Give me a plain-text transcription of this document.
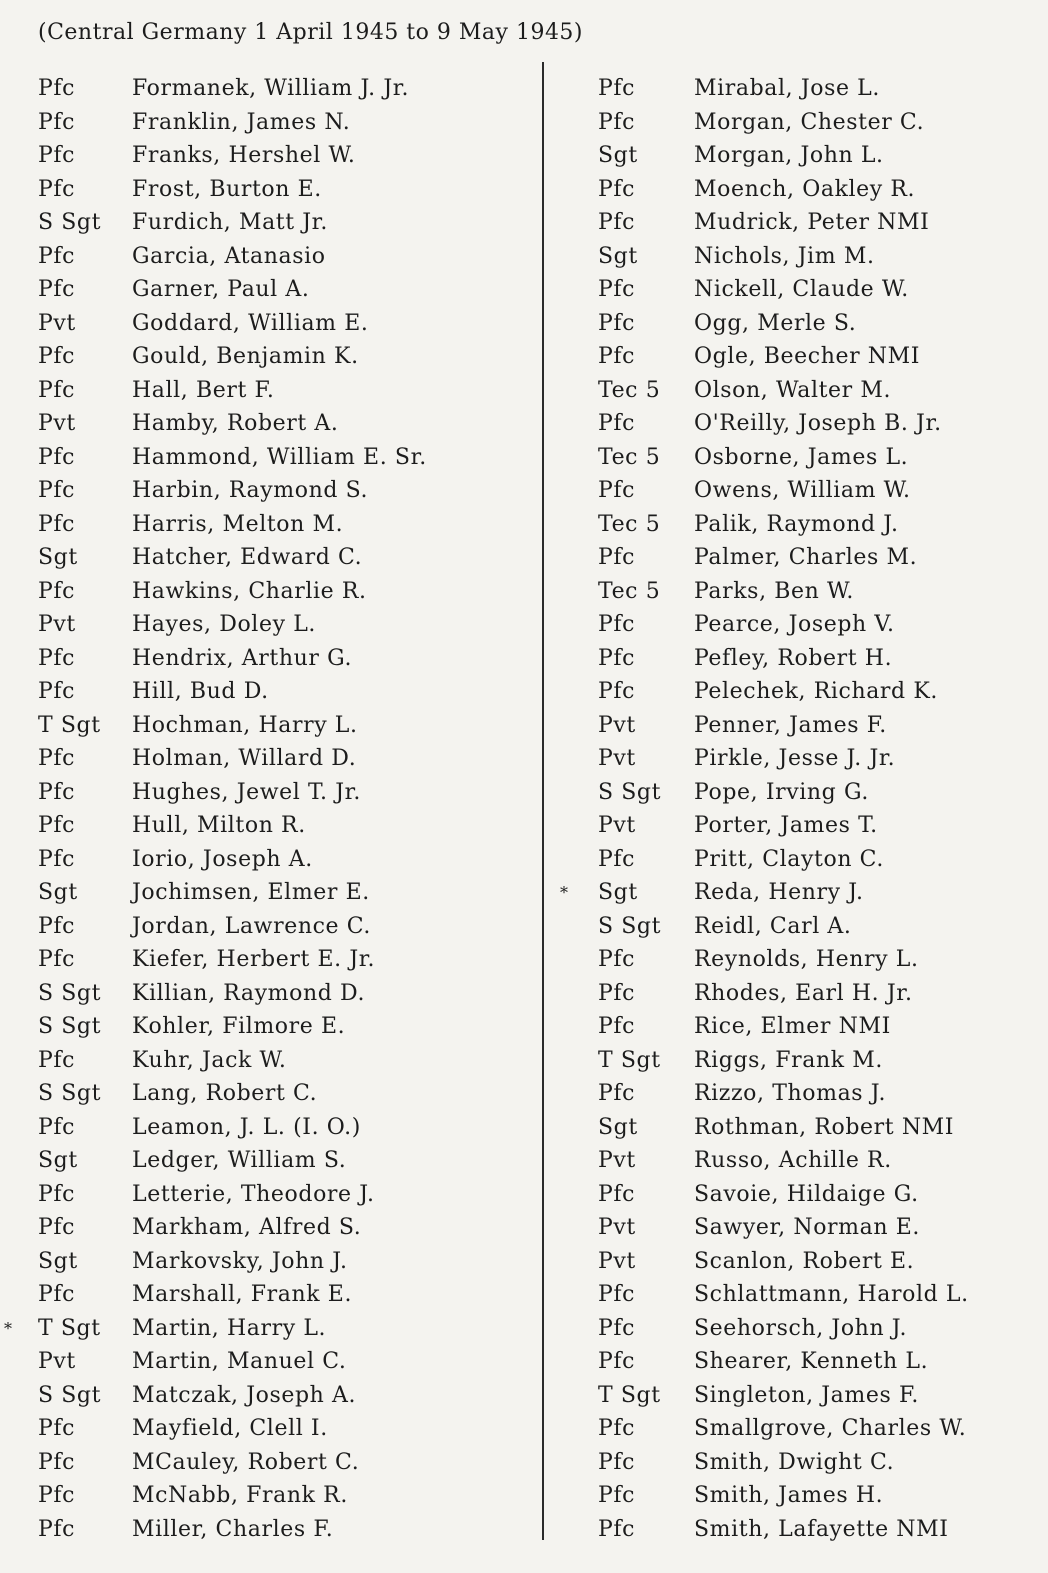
(Central Germany 1 April 1945 to 9 May 1945)
Pfc	Formanek, William J. Jr.
Pfc	Franklin, James N.
Pfc	Franks, Hershel W.
Pfc	Frost, Burton E.
S Sgt	Furdich, Matt Jr.
Pfc	Garcia, Atanasio
Pfc	Garner, Paul A.
Pvt	Goddard, William E.
Pfc	Gould, Benjamin K.
Pfc	Hall, Bert F.
Pvt	Hamby, Robert A.
Pfc	Hammond, William E. Sr.
Pfc	Harbin, Raymond S.
Pfc	Harris, Melton M.
Sgt	Hatcher, Edward C.
Pfc	Hawkins, Charlie R.
Pvt	Hayes, Doley L.
Pfc	Hendrix, Arthur G.
Pfc	Hill, Bud D.
T Sgt	Hochman, Harry L.
Pfc	Holman, Willard D.
Pfc	Hughes, Jewel T. Jr.
Pfc	Hull, Milton R.
Pfc	Iorio, Joseph A.
Sgt	Jochimsen, Elmer E.
Pfc	Jordan, Lawrence C.
Pfc	Kiefer, Herbert E. Jr.
S Sgt	Killian, Raymond D.
S Sgt	Kohler, Filmore E.
Pfc	Kuhr, Jack W.
S Sgt	Lang, Robert C.
Pfc	Leamon, J. L. (I. O.)
Sgt	Ledger, William S.
Pfc	Letterie, Theodore J.
Pfc	Markham, Alfred S.
Sgt	Markovsky, John J.
Pfc	Marshall, Frank E.
* T Sgt	Martin, Harry L.
Pvt	Martin, Manuel C.
S Sgt	Matczak, Joseph A.
Pfc	Mayfield, Clell I.
Pfc	MCauley, Robert C.
Pfc	McNabb, Frank R.
Pfc	Miller, Charles F.
Pfc	Mirabal, Jose L.
Pfc	Morgan, Chester C.
Sgt	Morgan, John L.
Pfc	Moench, Oakley R.
Pfc	Mudrick, Peter NMI
Sgt	Nichols, Jim M.
Pfc	Nickell, Claude W.
Pfc	Ogg, Merle S.
Pfc	Ogle, Beecher NMI
Tec 5	Olson, Walter M.
Pfc	O'Reilly, Joseph B. Jr.
Tec 5	Osborne, James L.
Pfc	Owens, William W.
Tec 5	Palik, Raymond J.
Pfc	Palmer, Charles M.
Tec 5	Parks, Ben W.
Pfc	Pearce, Joseph V.
Pfc	Pefley, Robert H.
Pfc	Pelechek, Richard K.
Pvt	Penner, James F.
Pvt	Pirkle, Jesse J. Jr.
S Sgt	Pope, Irving G.
Pvt	Porter, James T.
Pfc	Pritt, Clayton C.
* Sgt	Reda, Henry J.
S Sgt	Reidl, Carl A.
Pfc	Reynolds, Henry L.
Pfc	Rhodes, Earl H. Jr.
Pfc	Rice, Elmer NMI
T Sgt	Riggs, Frank M.
Pfc	Rizzo, Thomas J.
Sgt	Rothman, Robert NMI
Pvt	Russo, Achille R.
Pfc	Savoie, Hildaige G.
Pvt	Sawyer, Norman E.
Pvt	Scanlon, Robert E.
Pfc	Schlattmann, Harold L.
Pfc	Seehorsch, John J.
Pfc	Shearer, Kenneth L.
T Sgt	Singleton, James F.
Pfc	Smallgrove, Charles W.
Pfc	Smith, Dwight C.
Pfc	Smith, James H.
Pfc	Smith, Lafayette NMI
